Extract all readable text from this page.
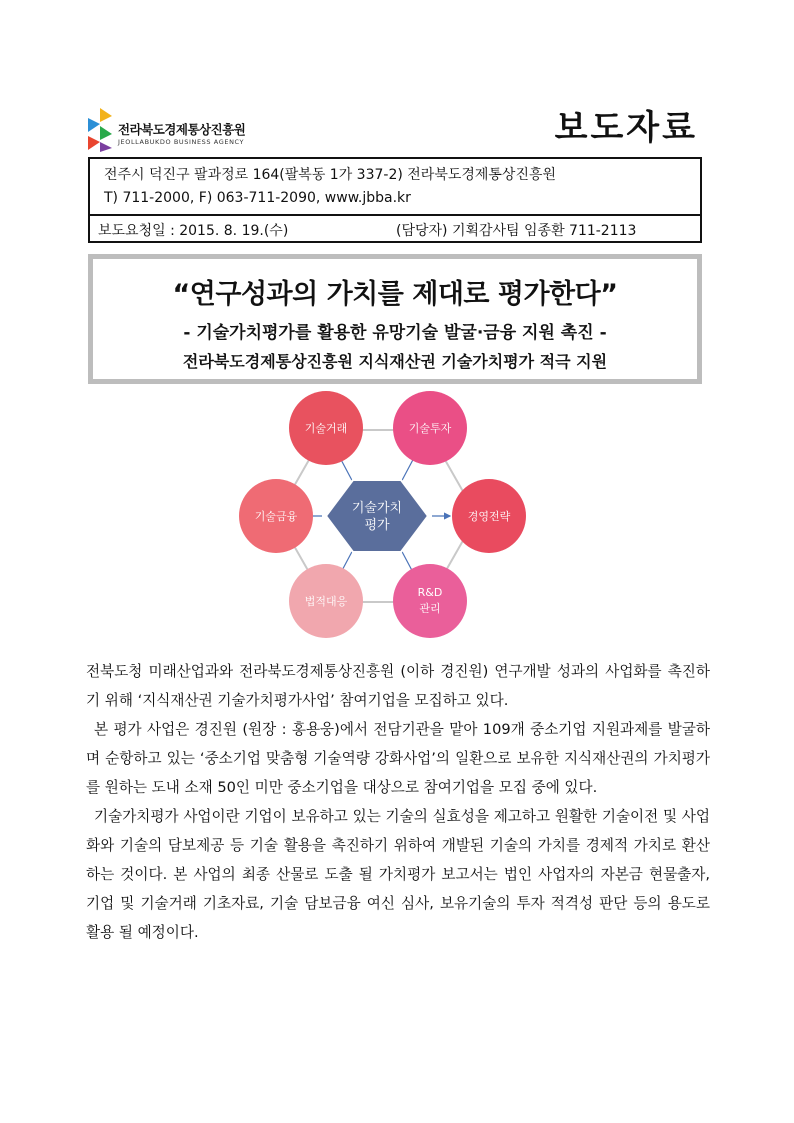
전라북도경제통상진흥원
JEOLLABUKDO BUSINESS AGENCY	보도자료
전주시 덕진구 팔과정로 164(팔복동 1가 337-2) 전라북도경제통상진흥원
T) 711-2000, F) 063-711-2090, www.jbba.kr
보도요청일 : 2015. 8. 19.(수)	(담당자) 기획감사팀 임종환 711-2113
“연구성과의 가치를 제대로 평가한다”
- 기술가치평가를 활용한 유망기술 발굴·금융 지원 촉진 -
전라북도경제통상진흥원 지식재산권 기술가치평가 적극 지원
기술가치
평가
기술거래	기술투자
경영전략
R&D
관리
법적대응
기술금융

전북도청 미래산업과와 전라북도경제통상진흥원 (이하 경진원) 연구개발 성과의 사업화를 촉진하기 위해 ‘지식재산권 기술가치평가사업’ 참여기업을 모집하고 있다.

본 평가 사업은 경진원 (원장 : 홍용웅)에서 전담기관을 맡아 109개 중소기업 지원과제를 발굴하며 순항하고 있는 ‘중소기업 맞춤형 기술역량 강화사업’의 일환으로 보유한 지식재산권의 가치평가를 원하는 도내 소재 50인 미만 중소기업을 대상으로 참여기업을 모집 중에 있다.

기술가치평가 사업이란 기업이 보유하고 있는 기술의 실효성을 제고하고 원활한 기술이전 및 사업화와 기술의 담보제공 등 기술 활용을 촉진하기 위하여 개발된 기술의 가치를 경제적 가치로 환산하는 것이다. 본 사업의 최종 산물로 도출 될 가치평가 보고서는 법인 사업자의 자본금 현물출자, 기업 및 기술거래 기초자료, 기술 담보금융 여신 심사, 보유기술의 투자 적격성 판단 등의 용도로 활용 될 예정이다.
